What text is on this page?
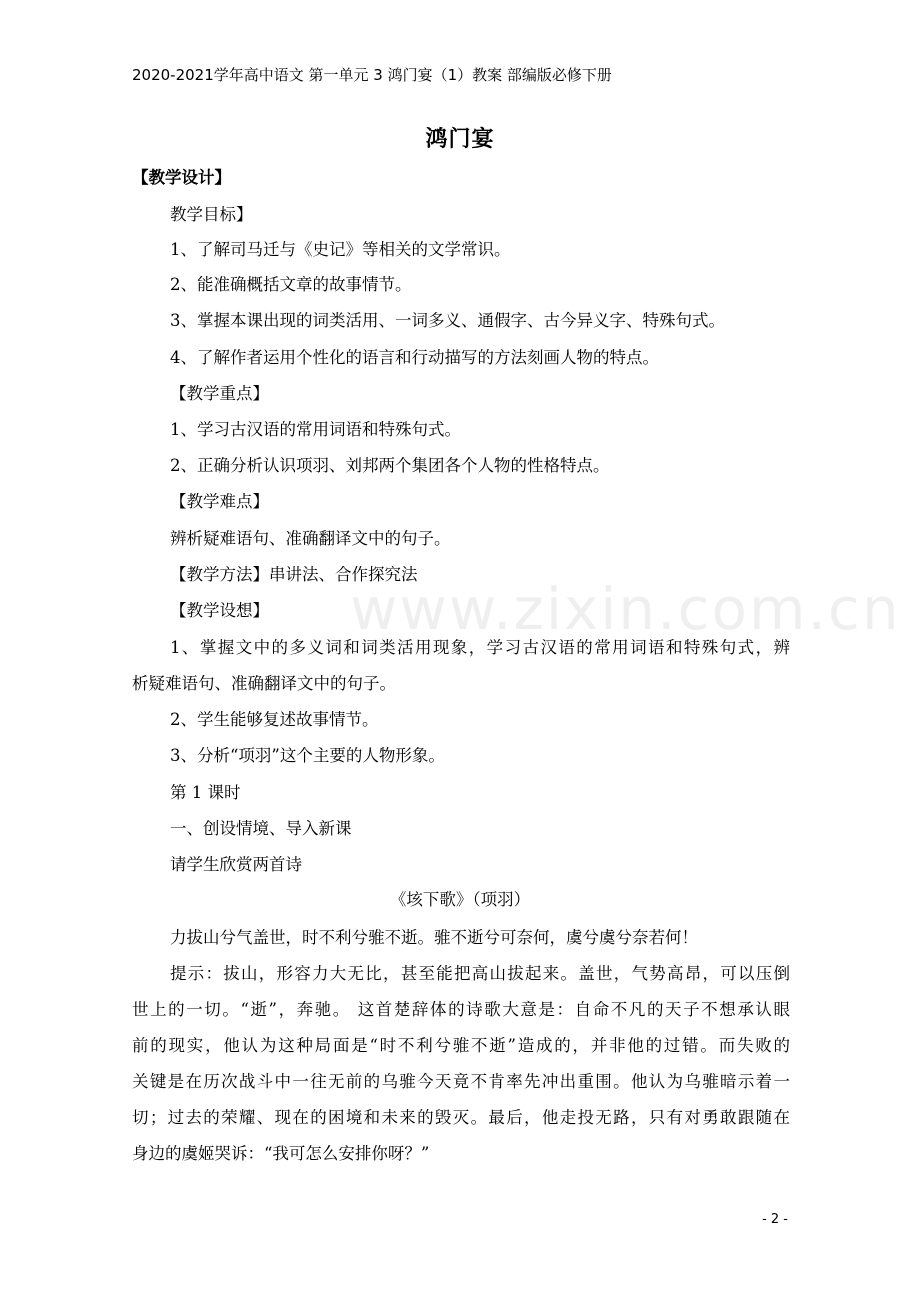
2020-2021学年高中语文 第一单元 3 鸿门宴（1）教案 部编版必修下册
鸿门宴
www.zixin.com.cn
【教学设计】
教学目标】
1、了解司马迁与《史记》等相关的文学常识。
2、能准确概括文章的故事情节。
3、掌握本课出现的词类活用、一词多义、通假字、古今异义字、特殊句式。
4、了解作者运用个性化的语言和行动描写的方法刻画人物的特点。
【教学重点】
1、学习古汉语的常用词语和特殊句式。
2、正确分析认识项羽、刘邦两个集团各个人物的性格特点。
【教学难点】
辨析疑难语句、准确翻译文中的句子。
【教学方法】串讲法、合作探究法
【教学设想】
1、掌握文中的多义词和词类活用现象，学习古汉语的常用词语和特殊句式，辨
析疑难语句、准确翻译文中的句子。
2、学生能够复述故事情节。
3、分析“项羽”这个主要的人物形象。
第 1 课时
一、创设情境、导入新课
请学生欣赏两首诗
《垓下歌》（项羽）
力拔山兮气盖世，时不利兮骓不逝。骓不逝兮可奈何，虞兮虞兮奈若何！
提示：拔山，形容力大无比，甚至能把高山拔起来。盖世，气势高昂，可以压倒
世上的一切。“逝”，奔驰。 这首楚辞体的诗歌大意是：自命不凡的天子不想承认眼
前的现实，他认为这种局面是“时不利兮骓不逝”造成的，并非他的过错。而失败的
关键是在历次战斗中一往无前的乌骓今天竟不肯率先冲出重围。他认为乌骓暗示着一
切；过去的荣耀、现在的困境和未来的毁灭。最后，他走投无路，只有对勇敢跟随在
身边的虞姬哭诉：“我可怎么安排你呀？”
- 2 -
